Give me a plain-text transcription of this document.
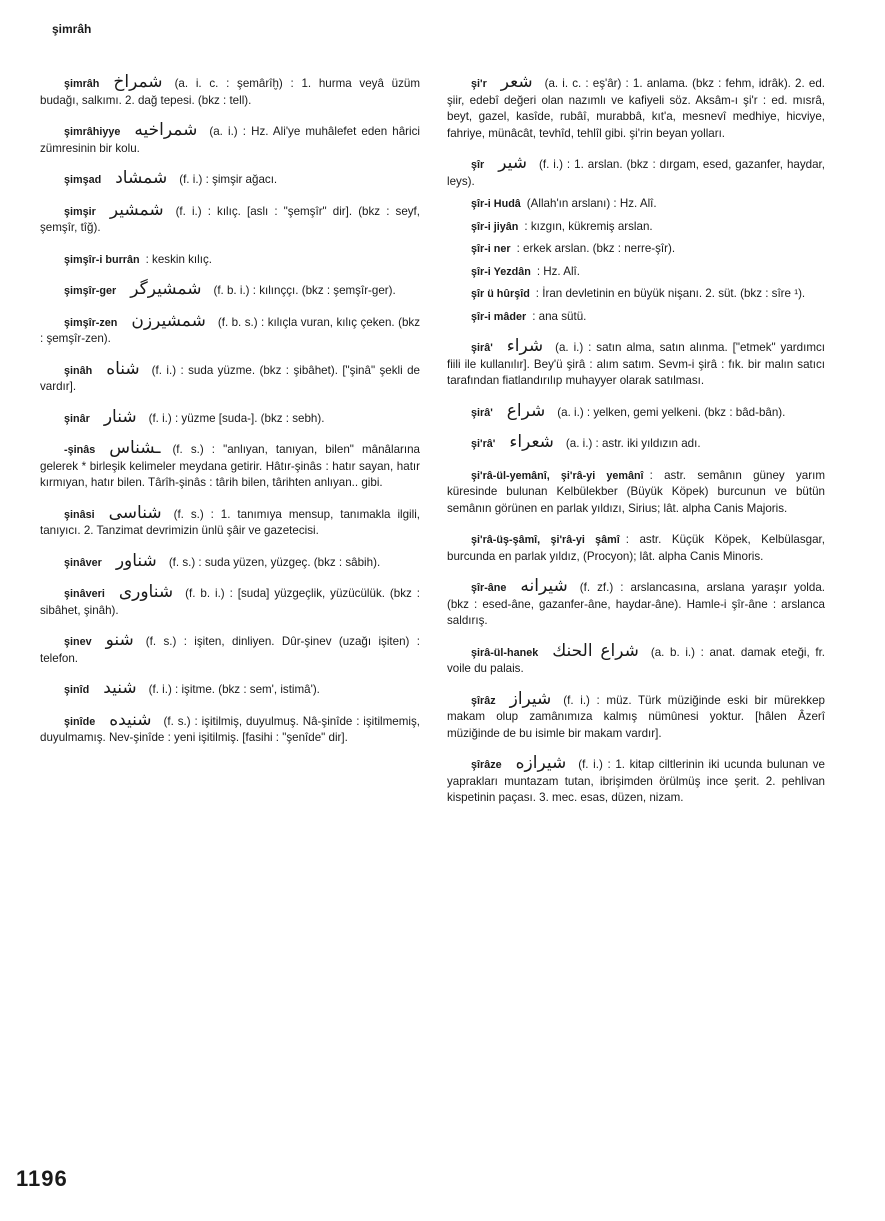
şimrâh
şimrâh شمراخ (a. i. c. : şemârîḫ) : 1. hurma veyâ üzüm budağı, salkımı. 2. dağ tepesi. (bkz : tell).
şimrâhiyye شمراخيه (a. i.) : Hz. Ali'ye muhâlefet eden hârici zümresinin bir kolu.
şimşad شمشاد (f. i.) : şimşir ağacı.
şimşir شمشير (f. i.) : kılıç. [aslı : "şemşîr" dir]. (bkz : seyf, şemşîr, tîğ).
şimşîr-i burrân : keskin kılıç.
şimşîr-ger شمشيرگر (f. b. i.) : kılınççı. (bkz : şemşîr-ger).
şimşîr-zen شمشيرزن (f. b. s.) : kılıçla vuran, kılıç çeken. (bkz : şemşîr-zen).
şinâh شناه (f. i.) : suda yüzme. (bkz : şibâhet). ["şinâ" şekli de vardır].
şinâr شنار (f. i.) : yüzme [suda-]. (bkz : sebh).
-şinâs ـشناس (f. s.) : "anlıyan, tanıyan, bilen" mânâlarına gelerek * birleşik kelimeler meydana getirir. Hâtır-şinâs : hatır sayan, hatır kırmıyan, hatır bilen. Târîh-şinâs : târih bilen, târihten anlıyan.. gibi.
şinâsi شناسى (f. s.) : 1. tanımıya mensup, tanımakla ilgili, tanıyıcı. 2. Tanzimat devrimizin ünlü şâir ve gazetecisi.
şinâver شناور (f. s.) : suda yüzen, yüzgeç. (bkz : sâbih).
şinâveri شناورى (f. b. i.) : [suda] yüzgeçlik, yüzücülük. (bkz : sibâhet, şinâh).
şinev شنو (f. s.) : işiten, dinliyen. Dûr-şinev (uzağı işiten) : telefon.
şinîd شنيد (f. i.) : işitme. (bkz : sem', istimâ').
şinîde شنيده (f. s.) : işitilmiş, duyulmuş. Nâ-şinîde : işitilmemiş, duyulmamış. Nev-şinîde : yeni işitilmiş. [fasihi : "şenîde" dir].
şi'r شعر (a. i. c. : eş'âr) : 1. anlama. (bkz : fehm, idrâk). 2. ed. şiir, edebî değeri olan nazımlı ve kafiyeli söz. Aksâm-ı şi'r : ed. mısrâ, beyt, gazel, kasîde, rubâî, murabbâ, kıt'a, mesnevî medhiye, hicviye, fahriye, münâcât, tevhîd, tehlîl gibi. şi'rin beyan yolları.
şîr شير (f. i.) : 1. arslan. (bkz : dırgam, esed, gazanfer, haydar, leys).
şîr-i Hudâ (Allah'ın arslanı) : Hz. Alî.
şîr-i jiyân : kızgın, kükremiş arslan.
şîr-i ner : erkek arslan. (bkz : nerre-şîr).
şîr-i Yezdân : Hz. Alî.
şîr ü hûrşîd : İran devletinin en büyük nişanı. 2. süt. (bkz : sîre ¹).
şîr-i mâder : ana sütü.
şirâ' شراء (a. i.) : satın alma, satın alınma. ["etmek" yardımcı fiili ile kullanılır]. Bey'ü şirâ : alım satım. Sevm-i şirâ : fık. bir malın satıcı tarafından fiatlandırılıp muhayyer olarak satılması.
şirâ' شراع (a. i.) : yelken, gemi yelkeni. (bkz : bâd-bân).
şi'râ' شعراء (a. i.) : astr. iki yıldızın adı.
şi'râ-ül-yemânî, şi'râ-yi yemânî : astr. semânın güney yarım küresinde bulunan Kelbülekber (Büyük Köpek) burcunun ve bütün semânın görünen en parlak yıldızı, Sirius; lât. alpha Canis Majoris.
şi'râ-üş-şâmî, şi'râ-yi şâmî : astr. Küçük Köpek, Kelbülasgar, burcunda en parlak yıldız, (Procyon); lât. alpha Canis Minoris.
şîr-âne شيرانه (f. zf.) : arslancasına, arslana yaraşır yolda. (bkz : esed-âne, gazanfer-âne, haydar-âne). Hamle-i şîr-âne : arslanca saldırış.
şirâ-ül-hanek شراع الحنك (a. b. i.) : anat. damak eteği, fr. voile du palais.
şîrâz شيراز (f. i.) : müz. Türk müziğinde eski bir mürekkep makam olup zamânımıza kalmış nümûnesi yoktur. [hâlen Âzerî müziğinde de bu isimle bir makam vardır].
şîrâze شيرازه (f. i.) : 1. kitap ciltlerinin iki ucunda bulunan ve yaprakları muntazam tutan, ibrişimden örülmüş ince şerit. 2. pehlivan kispetinin paçası. 3. mec. esas, düzen, nizam.
1196
